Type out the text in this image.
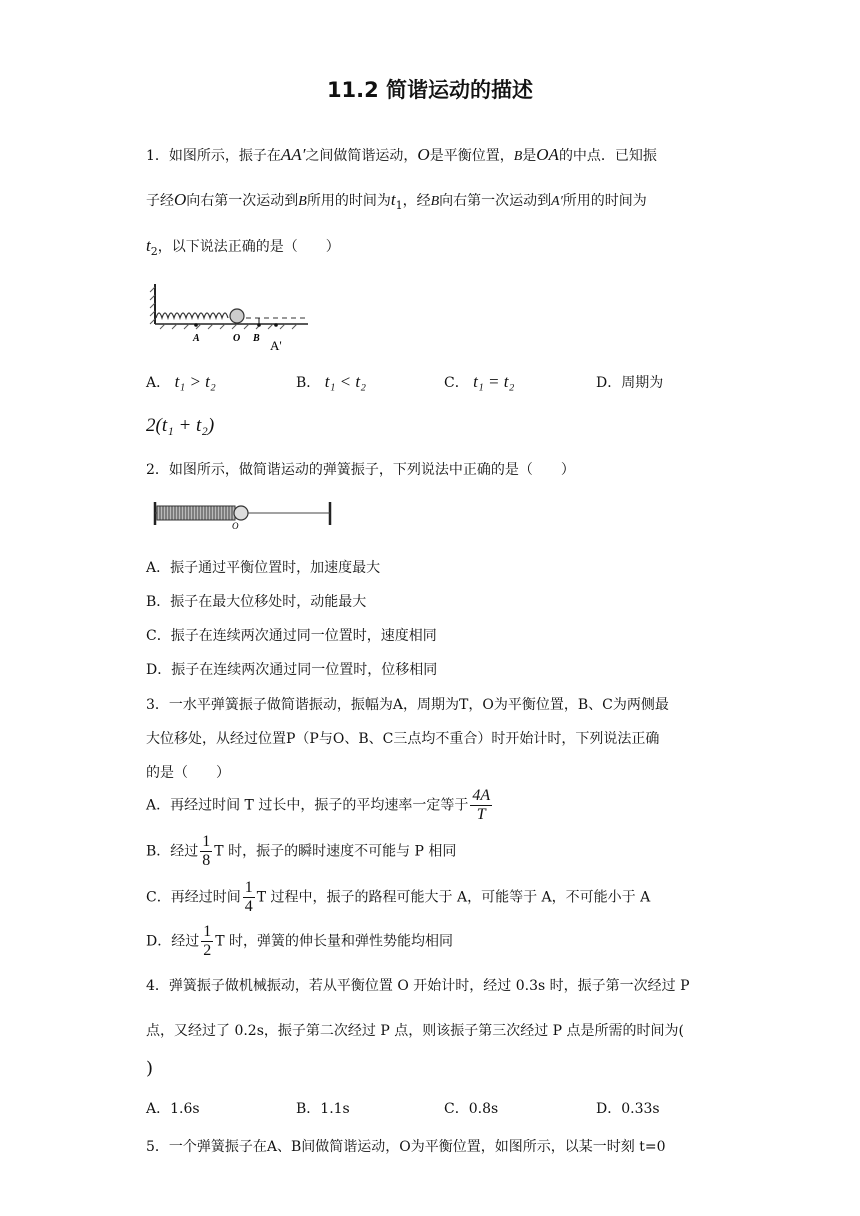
11.2 简谐运动的描述
1．如图所示，振子在AA′之间做简谐运动，O是平衡位置，B是OA的中点．已知振
子经O向右第一次运动到B所用的时间为$t_1$，经B向右第一次运动到A′所用的时间为
$t_2$，以下说法正确的是（　　）
A	O B A'
A． t₁ > t₂	B． t₁ < t₂	C． t₁ = t₂	D．周期为
2(t₁ + t₂)
2．如图所示，做简谐运动的弹簧振子，下列说法中正确的是（　　）
O
A．振子通过平衡位置时，加速度最大
B．振子在最大位移处时，动能最大
C．振子在连续两次通过同一位置时，速度相同
D．振子在连续两次通过同一位置时，位移相同
3．一水平弹簧振子做简谐振动，振幅为A，周期为T，O为平衡位置，B、C为两侧最
大位移处，从经过位置P（P与O、B、C三点均不重合）时开始计时，下列说法正确
的是（　　）
A．再经过时间 T 过长中，振子的平均速率一定等于 $\frac{4A}{T}$
B．经过 $\frac{1}{8}$ T 时，振子的瞬时速度不可能与 P 相同
C．再经过时间 $\frac{1}{4}$ T 过程中，振子的路程可能大于 A，可能等于 A，不可能小于 A
D．经过 $\frac{1}{2}$ T 时，弹簧的伸长量和弹性势能均相同
4．弹簧振子做机械振动，若从平衡位置 O 开始计时，经过 0.3s 时，振子第一次经过 P
点，又经过了 0.2s，振子第二次经过 P 点，则该振子第三次经过 P 点是所需的时间为(
)
A．1.6s	B．1.1s	C．0.8s	D．0.33s
5．一个弹簧振子在A、B间做简谐运动，O为平衡位置，如图所示，以某一时刻 t=0
